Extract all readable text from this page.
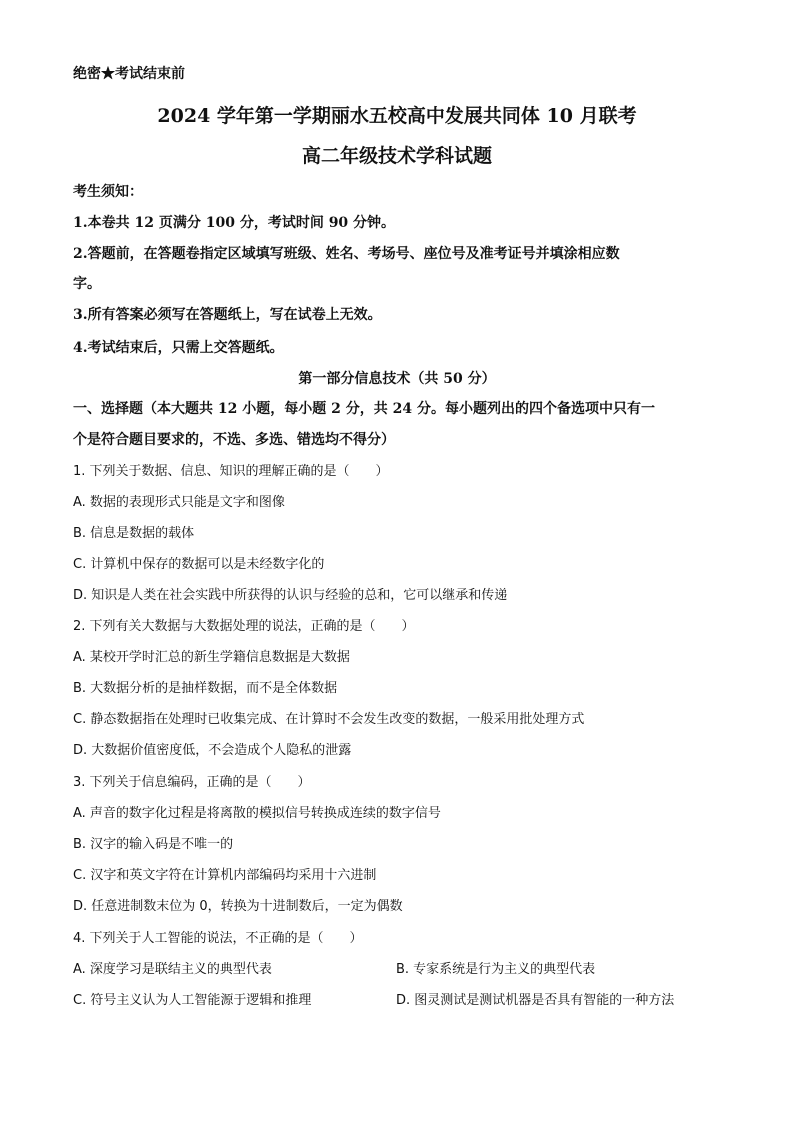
绝密★考试结束前
2024 学年第一学期丽水五校高中发展共同体 10 月联考
高二年级技术学科试题
考生须知：
1.本卷共 12 页满分 100 分，考试时间 90 分钟。
2.答题前，在答题卷指定区域填写班级、姓名、考场号、座位号及准考证号并填涂相应数
字。
3.所有答案必须写在答题纸上，写在试卷上无效。
4.考试结束后，只需上交答题纸。
第一部分信息技术（共 50 分）
一、选择题（本大题共 12 小题，每小题 2 分，共 24 分。每小题列出的四个备选项中只有一
个是符合题目要求的，不选、多选、错选均不得分）
1. 下列关于数据、信息、知识的理解正确的是（　　）
A. 数据的表现形式只能是文字和图像
B. 信息是数据的载体
C. 计算机中保存的数据可以是未经数字化的
D. 知识是人类在社会实践中所获得的认识与经验的总和，它可以继承和传递
2. 下列有关大数据与大数据处理的说法，正确的是（　　）
A. 某校开学时汇总的新生学籍信息数据是大数据
B. 大数据分析的是抽样数据，而不是全体数据
C. 静态数据指在处理时已收集完成、在计算时不会发生改变的数据，一般采用批处理方式
D. 大数据价值密度低，不会造成个人隐私的泄露
3. 下列关于信息编码，正确的是（　　）
A. 声音的数字化过程是将离散的模拟信号转换成连续的数字信号
B. 汉字的输入码是不唯一的
C. 汉字和英文字符在计算机内部编码均采用十六进制
D. 任意进制数末位为 0，转换为十进制数后，一定为偶数
4. 下列关于人工智能的说法，不正确的是（　　）
A. 深度学习是联结主义的典型代表	B. 专家系统是行为主义的典型代表
C. 符号主义认为人工智能源于逻辑和推理	D. 图灵测试是测试机器是否具有智能的一种方法
